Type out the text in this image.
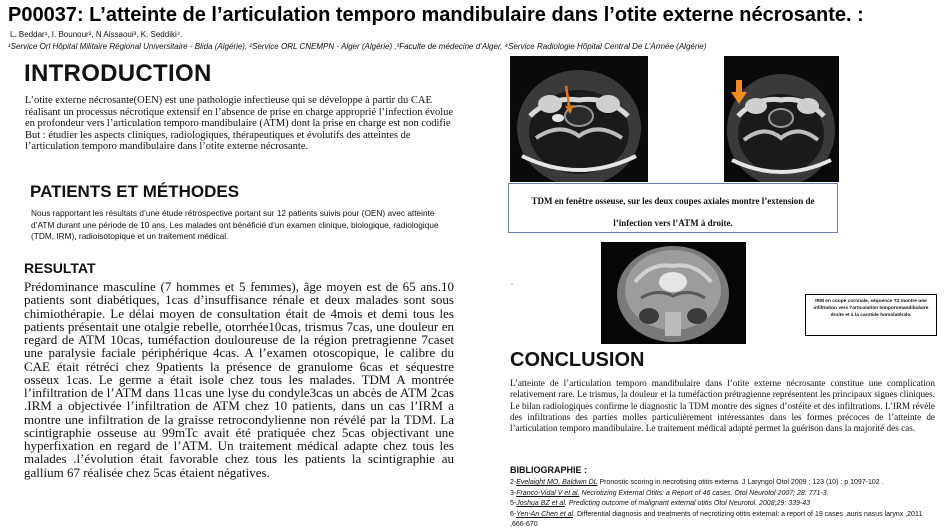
P00037: L’atteinte de l’articulation temporo mandibulaire dans l’otite externe nécrosante. :
L. Beddar¹, I. Bounour², N Aissaoui³, K. Seddiki⁴.
¹Service Orl Hôpital Militaire Régional Universitaire - Blida (Algérie), ²Service ORL CNEMPN - Alger (Algérie) ,³Faculte de médecine d’Alger, ⁴Service Radiologie Hôpital Central De L’Armée (Algérie)
INTRODUCTION
L’otite externe nécrosante(OEN) est une pathologie infectieuse qui se développe à partir du CAE réalisant un processus nécrotique extensif en l’absence de prise en charge approprié l’infection évolue en profondeur vers l’articulation temporo mandibulaire (ATM) dont la prise en charge est non codifie
But : étudier les aspects cliniques, radiologiques, thérapeutiques et évolutifs des atteintes de l’articulation temporo mandibulaire dans l’otite externe nécrosante.
PATIENTS ET MÉTHODES
Nous rapportant les résultats d’une étude rétrospective portant sur 12 patients suivis pour (OEN) avec atteinte d’ATM durant une période de 10 ans. Les malades ont bénéficié d’un examen clinique, biologique, radiologique (TDM, IRM), radioisotopique et un traitement médical.
RESULTAT
Prédominance masculine (7 hommes et 5 femmes), âge moyen est de 65 ans.10 patients sont diabétiques, 1cas d’insuffisance rénale et deux malades sont sous chimiothérapie. Le délai moyen de consultation était de 4mois et demi tous les patients présentait une otalgie rebelle, otorrhée10cas, trismus 7cas, une douleur en regard de ATM 10cas, tuméfaction douloureuse de la région pretragienne 7caset une paralysie faciale périphérique 4cas. A l’examen otoscopique, le calibre du CAE était rétréci chez 9patients la présence de granulome 6cas et séquestre osseux 1cas. Le germe a était isole chez tous les malades. TDM A montrée l’infiltration de l’ATM dans 11cas une lyse du condyle3cas un abcès de ATM 2cas .IRM a objectivée l’infiltration de ATM chez 10 patients, dans un cas l’IRM a montre une infiltration de la graisse retrocondylienne non révélé par la TDM. La scintigraphie osseuse au 99mTc avait été pratiquée chez 5cas objectivant une hyperfixation en regard de l’ATM. Un traitement médical adapte chez tous les malades .l’évolution était favorable chez tous les patients la scintigraphie au gallium 67 réalisée chez 5cas étaient négatives.
TDM en fenêtre osseuse, sur les deux coupes axiales montre l’extension de l’infection vers l’ATM à droite.
.
IRM en coupe coronale, séquence T2 montre une infiltration vers l’articulation temporomandibulaire droite et à la carotide homolatérale.
CONCLUSION
L’atteinte de l’articulation temporo mandibulaire dans l’otite externe nécrosante constitue une complication relativement rare. Le trismus, la douleur et la tuméfaction prétragienne représentent les principaux signes cliniques. Le bilan radiologiques confirme le diagnostic la TDM montre des signes d’ostéite et des infiltrations. L’IRM révèle des infiltrations des parties molles particulièrement intéressantes dans les formes précoces de l’atteinte de l’articulation temporo mandibulaire. Le traitement médical adapté permet la guérison dans la majorité des cas.
BIBLIOGRAPHIE :
2-Evelaight MO, Baldwin DL Pronostic scoring in necrotising otitis externa. J Laryngol Otol 2009 ; 123 (10) : p 1097-102 .
3-Franco-Vidal V et al. Necrotizing External Otitis: a Report of 46 cases. Otol Neurotol 2007; 28: 771-3.
5-Joshua BZ et al. Predicting outcome of malignant external otitis Otol Neurotol. 2008;29: 339-43
6-Yen-An Chen et al. Differential diagnosis and treatments of necrotizing otitis external: a report of 19 cases ,auris nasus larynx ,2011 ,666-670
